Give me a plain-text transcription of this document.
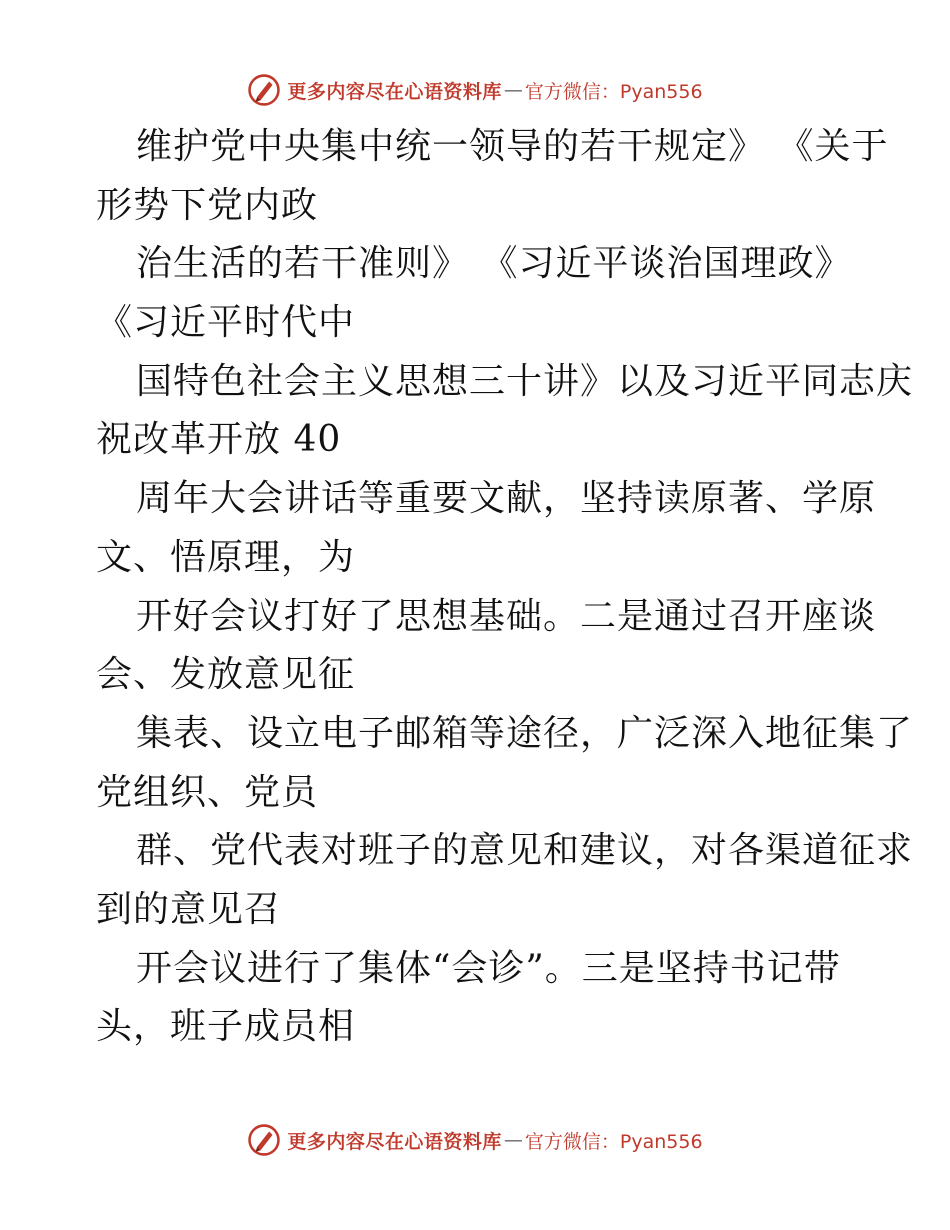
更多内容尽在心语资料库 — 官方微信：Pyan556
维护党中央集中统一领导的若干规定》 《关于
形势下党内政
治生活的若干准则》 《习近平谈治国理政》
《习近平时代中
国特色社会主义思想三十讲》以及习近平同志庆
祝改革开放 40
周年大会讲话等重要文献，坚持读原著、学原
文、悟原理，为
开好会议打好了思想基础。二是通过召开座谈
会、发放意见征
集表、设立电子邮箱等途径，广泛深入地征集了
党组织、党员
群、党代表对班子的意见和建议，对各渠道征求
到的意见召
开会议进行了集体“会诊”。三是坚持书记带
头，班子成员相
更多内容尽在心语资料库 — 官方微信：Pyan556
